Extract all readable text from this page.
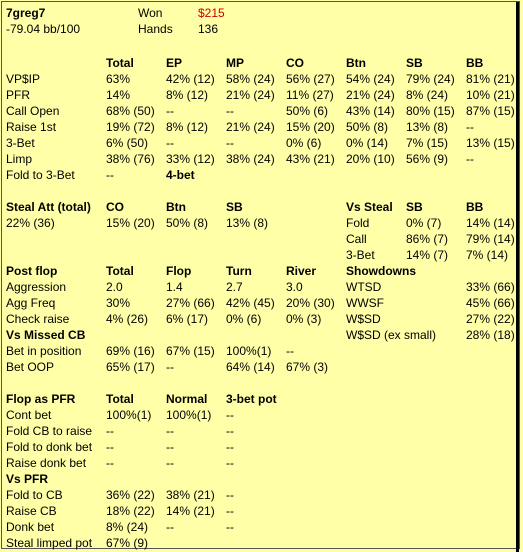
7greg7
-79.04 bb/100
Won	$215
Hands 136
Steal Att (total) CO	Btn	SB
22% (36)	15% (20) 50% (8) 13% (8)
Vs Steal SB	BB
Post flop	Showdowns
Vs Missed CB
Flop as PFR	Total	Normal 3-bet pot
Vs PFR
Total	EP	MP	CO	Btn	SB	BB
VP$IP	63%	42% (12) 58% (24) 56% (27) 54% (24) 79% (24) 81% (21)
PFR	14%	8% (12) 21% (24) 11% (27) 21% (24) 8% (24) 10% (21)
Call Open	68% (50) --	--	50% (6) 43% (14) 80% (15) 87% (15)
Raise 1st	19% (72) 8% (12) 21% (24) 15% (20) 50% (8) 13% (8) --
3-Bet	6% (50) --	--	0% (6) 0% (14) 7% (15) 13% (15)
Limp	38% (76) 33% (12) 38% (24) 43% (21) 20% (10) 56% (9) --
Fold to 3-Bet	--	4-bet
Fold	0% (7) 14% (14)
Call	86% (7) 79% (14)
3-Bet	14% (7) 7% (14)
Total	Flop	Turn	River
Aggression	2.0	1.4	2.7	3.0
Agg Freq	30%	27% (66) 42% (45) 20% (30)
Check raise	4% (26) 6% (17) 0% (6) 0% (3)
WTSD	33% (66)
WWSF	45% (66)
W$SD	27% (22)
W$SD (ex small) 28% (18)
Bet in position 69% (16) 67% (15) 100%(1) --
Bet OOP	65% (17) --	64% (14) 67% (3)
Cont bet	100%(1) 100%(1) --
Fold CB to raise --	--	--
Fold to donk bet --	--	--
Raise donk bet --	--	--
Fold to CB	36% (22) 38% (21) --
Raise CB	18% (22) 14% (21) --
Donk bet	8% (24) --	--
Steal limped pot 67% (9)
